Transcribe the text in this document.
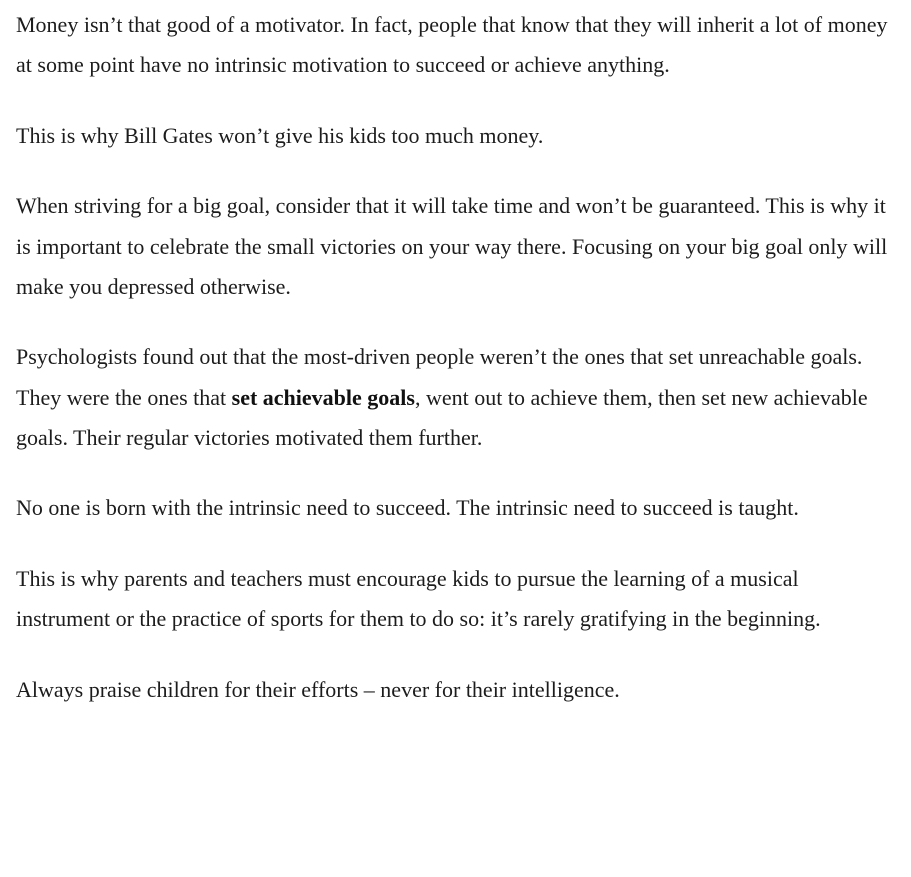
Money isn’t that good of a motivator. In fact, people that know that they will inherit a lot of money at some point have no intrinsic motivation to succeed or achieve anything.

This is why Bill Gates won’t give his kids too much money.

When striving for a big goal, consider that it will take time and won’t be guaranteed. This is why it is important to celebrate the small victories on your way there. Focusing on your big goal only will make you depressed otherwise.

Psychologists found out that the most-driven people weren’t the ones that set unreachable goals. They were the ones that set achievable goals, went out to achieve them, then set new achievable goals. Their regular victories motivated them further.

No one is born with the intrinsic need to succeed. The intrinsic need to succeed is taught.

This is why parents and teachers must encourage kids to pursue the learning of a musical instrument or the practice of sports for them to do so: it’s rarely gratifying in the beginning.

Always praise children for their efforts – never for their intelligence.
